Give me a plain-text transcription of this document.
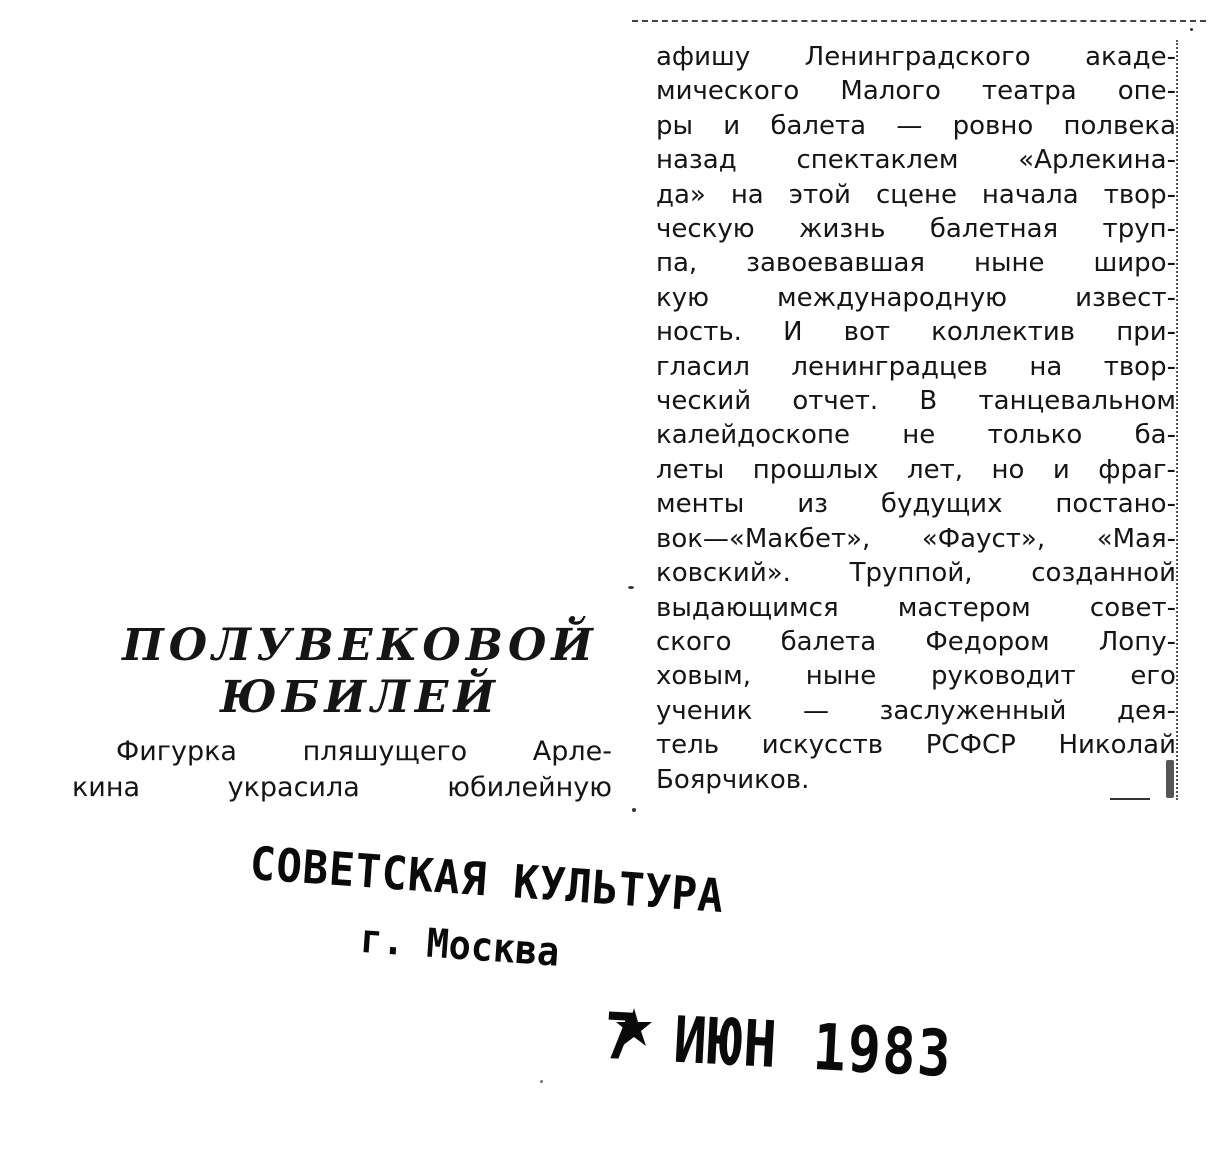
ПОЛУВЕКОВОЙ
ЮБИЛЕЙ
Фигурка пляшущего Арле-
кина	украсила	юбилейную
афишу Ленинградского акаде-
мического Малого театра опе-
ры и балета — ровно полвека
назад спектаклем «Арлекина-
да» на этой сцене начала твор-
ческую жизнь балетная труп-
па, завоевавшая ныне широ-
кую	международную	извест-
ность. И вот коллектив при-
гласил ленинградцев на твор-
ческий отчет. В танцевальном
калейдоскопе не только ба-
леты прошлых лет, но и фраг-
менты из будущих постано-
вок—«Макбет», «Фауст», «Мая-
ковский». Труппой, созданной
выдающимся мастером совет-
ского балета Федором Лопу-
ховым, ныне руководит его
ученик — заслуженный дея-
тель искусств РСФСР Николай
Боярчиков.
СОВЕТСКАЯ КУЛЬТУРА
г. Москва
7 ИЮН 1983
